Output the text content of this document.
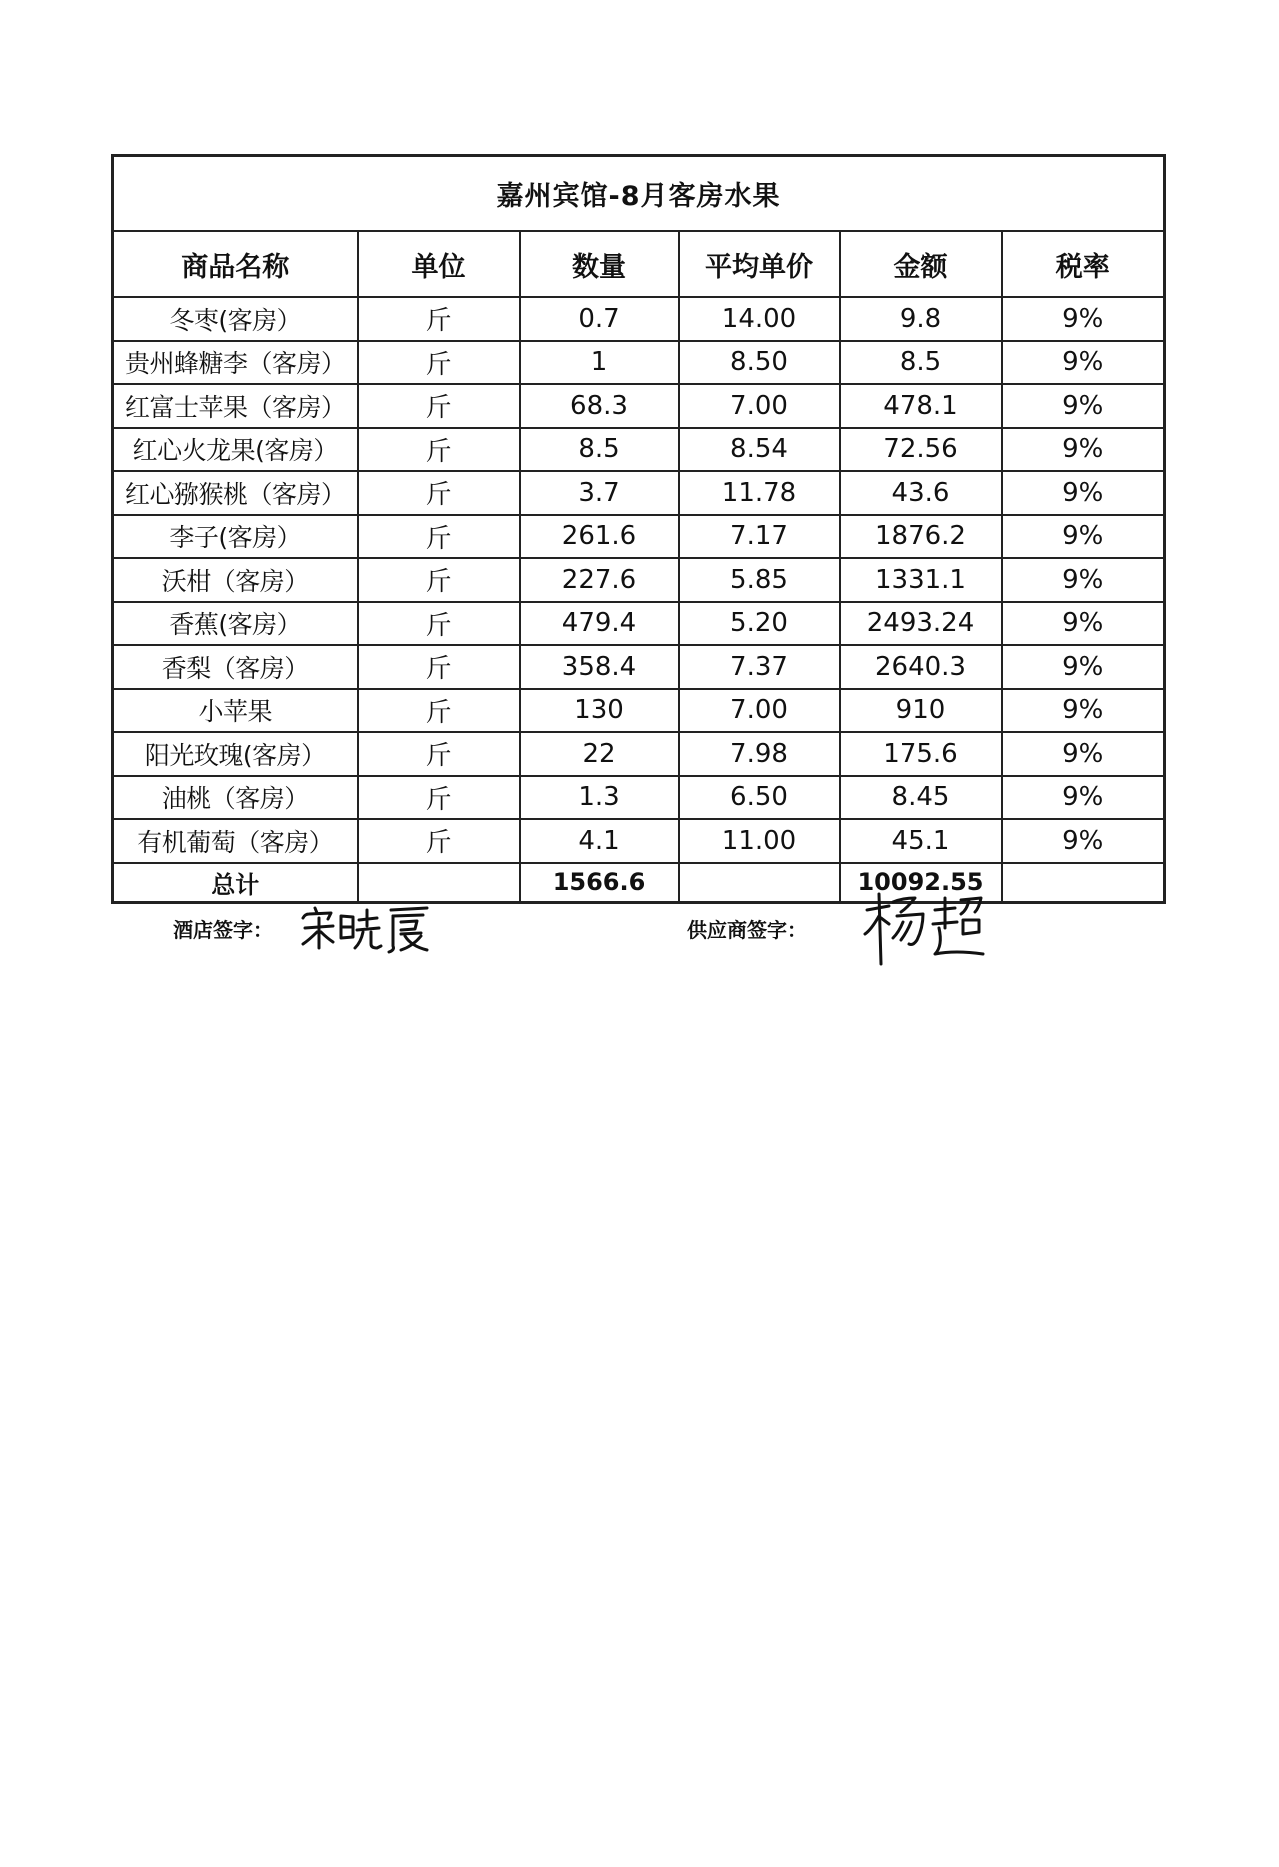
嘉州宾馆-8月客房水果					
商品名称	单位	数量	平均单价	金额	税率
冬枣(客房）	斤	0.7	14.00	9.8	9%
贵州蜂糖李（客房）	斤	1	8.50	8.5	9%
红富士苹果（客房）	斤	68.3	7.00	478.1	9%
红心火龙果(客房）	斤	8.5	8.54	72.56	9%
红心猕猴桃（客房）	斤	3.7	11.78	43.6	9%
李子(客房）	斤	261.6	7.17	1876.2	9%
沃柑（客房）	斤	227.6	5.85	1331.1	9%
香蕉(客房）	斤	479.4	5.20	2493.24	9%
香梨（客房）	斤	358.4	7.37	2640.3	9%
小苹果	斤	130	7.00	910	9%
阳光玫瑰(客房）	斤	22	7.98	175.6	9%
油桃（客房）	斤	1.3	6.50	8.45	9%
有机葡萄（客房）	斤	4.1	11.00	45.1	9%
总计		1566.6		10092.55	
酒店签字：	供应商签字：
